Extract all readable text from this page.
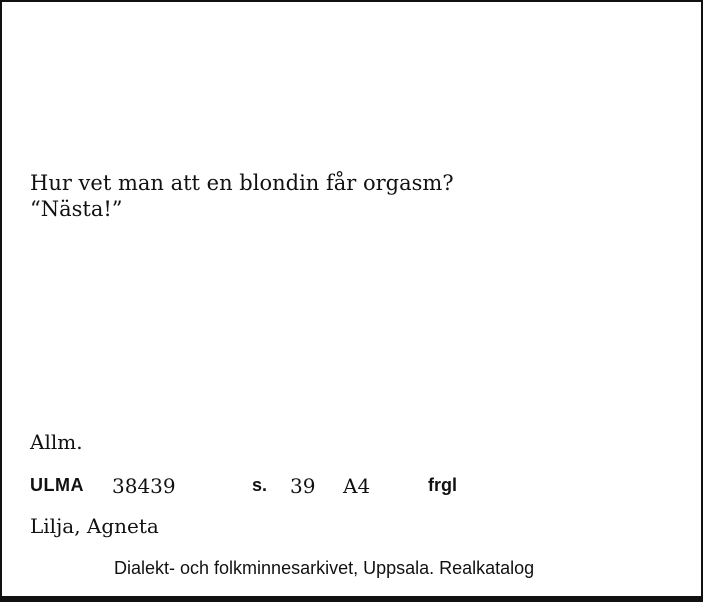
Hur vet man att en blondin får orgasm?
“Nästa!”
Allm.
ULMA 38439	s. 39 A4	frgl
Lilja, Agneta
Dialekt- och folkminnesarkivet, Uppsala. Realkatalog
